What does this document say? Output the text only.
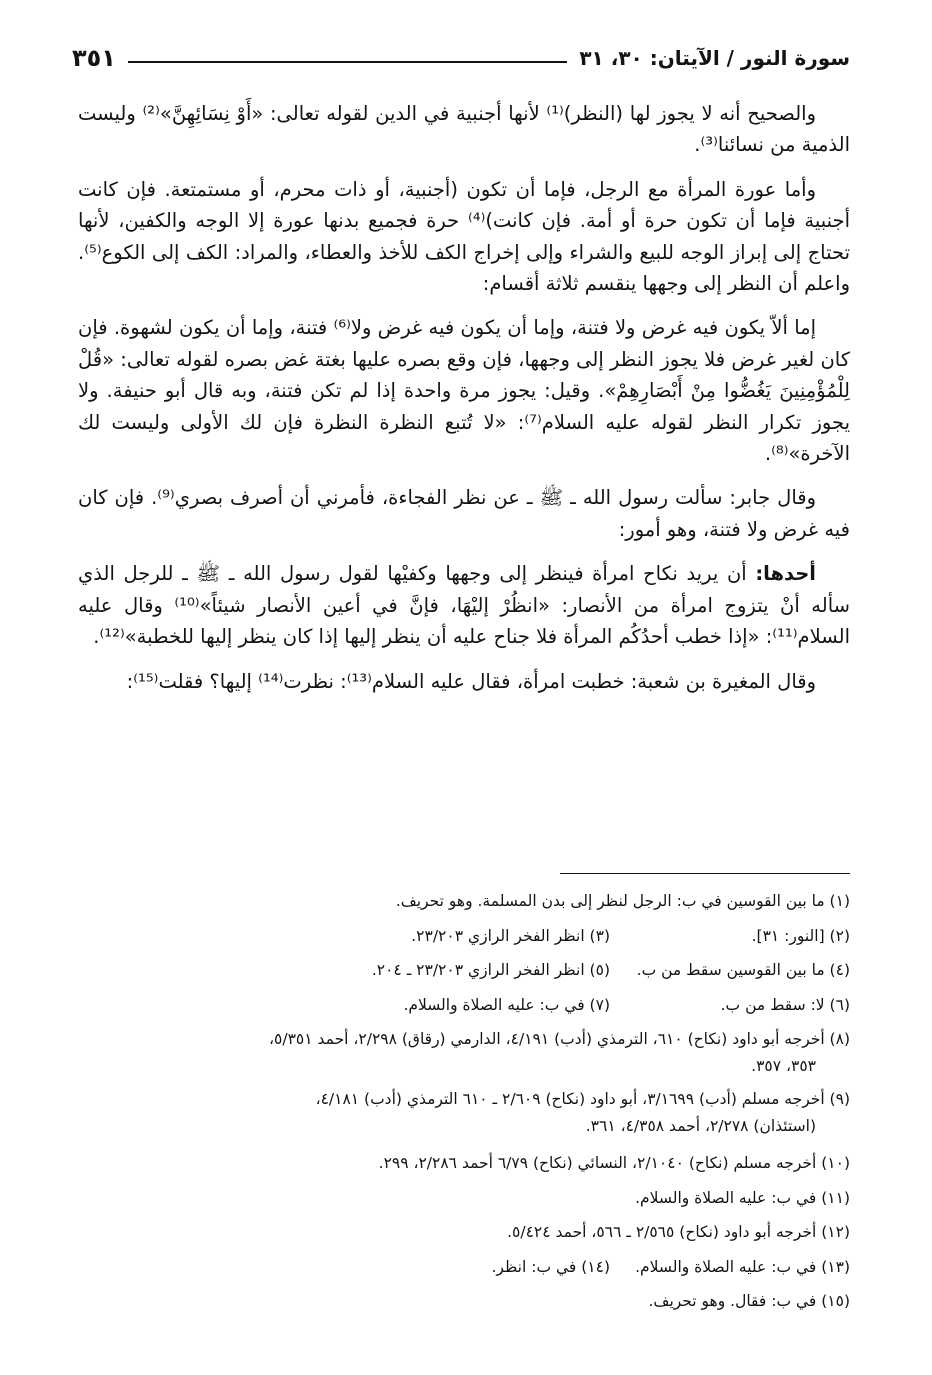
سورة النور / الآيتان: ٣٠، ٣١
٣٥١

والصحيح أنه لا يجوز لها (النظر)⁽¹⁾ لأنها أجنبية في الدين لقوله تعالى: «أَوْ نِسَائِهِنَّ»⁽²⁾ وليست الذمية من نسائنا⁽³⁾.

وأما عورة المرأة مع الرجل، فإما أن تكون (أجنبية، أو ذات محرم، أو مستمتعة. فإن كانت أجنبية فإما أن تكون حرة أو أمة. فإن كانت)⁽⁴⁾ حرة فجميع بدنها عورة إلا الوجه والكفين، لأنها تحتاج إلى إبراز الوجه للبيع والشراء وإلى إخراج الكف للأخذ والعطاء، والمراد: الكف إلى الكوع⁽⁵⁾. واعلم أن النظر إلى وجهها ينقسم ثلاثة أقسام:

إما ألاّ يكون فيه غرض ولا فتنة، وإما أن يكون فيه غرض ولا⁽⁶⁾ فتنة، وإما أن يكون لشهوة. فإن كان لغير غرض فلا يجوز النظر إلى وجهها، فإن وقع بصره عليها بغتة غض بصره لقوله تعالى: «قُلْ لِلْمُؤْمِنِينَ يَغُضُّوا مِنْ أَبْصَارِهِمْ». وقيل: يجوز مرة واحدة إذا لم تكن فتنة، وبه قال أبو حنيفة. ولا يجوز تكرار النظر لقوله عليه السلام⁽⁷⁾: «لا تُتبع النظرة النظرة فإن لك الأولى وليست لك الآخرة»⁽⁸⁾.

وقال جابر: سألت رسول الله ـ ﷺ ـ عن نظر الفجاءة، فأمرني أن أصرف بصري⁽⁹⁾. فإن كان فيه غرض ولا فتنة، وهو أمور:

أحدها: أن يريد نكاح امرأة فينظر إلى وجهها وكفيْها لقول رسول الله ـ ﷺ ـ للرجل الذي سأله أنْ يتزوج امرأة من الأنصار: «انظُرْ إليْهَا، فإنَّ في أعين الأنصار شيئاً»⁽¹⁰⁾ وقال عليه السلام⁽¹¹⁾: «إذا خطب أحدُكُم المرأة فلا جناح عليه أن ينظر إليها إذا كان ينظر إليها للخطبة»⁽¹²⁾.

وقال المغيرة بن شعبة: خطبت امرأة، فقال عليه السلام⁽¹³⁾: نظرت⁽¹⁴⁾ إليها؟ فقلت⁽¹⁵⁾:

(١) ما بين القوسين في ب: الرجل لنظر إلى بدن المسلمة. وهو تحريف.
(٢) [النور: ٣١].
(٣) انظر الفخر الرازي ٢٣/٢٠٣.
(٤) ما بين القوسين سقط من ب.
(٥) انظر الفخر الرازي ٢٣/٢٠٣ ـ ٢٠٤.
(٦) لا: سقط من ب.
(٧) في ب: عليه الصلاة والسلام.
(٨) أخرجه أبو داود (نكاح) ٦١٠، الترمذي (أدب) ٤/١٩١، الدارمي (رقاق) ٢/٢٩٨، أحمد ٥/٣٥١،
٣٥٣، ٣٥٧.
(٩) أخرجه مسلم (أدب) ٣/١٦٩٩، أبو داود (نكاح) ٢/٦٠٩ ـ ٦١٠ الترمذي (أدب) ٤/١٨١،
(استئذان) ٢/٢٧٨، أحمد ٤/٣٥٨، ٣٦١.
(١٠) أخرجه مسلم (نكاح) ٢/١٠٤٠، النسائي (نكاح) ٦/٧٩ أحمد ٢/٢٨٦، ٢٩٩.
(١١) في ب: عليه الصلاة والسلام.
(١٢) أخرجه أبو داود (نكاح) ٢/٥٦٥ ـ ٥٦٦، أحمد ٥/٤٢٤.
(١٣) في ب: عليه الصلاة والسلام.
(١٤) في ب: انظر.
(١٥) في ب: فقال. وهو تحريف.
